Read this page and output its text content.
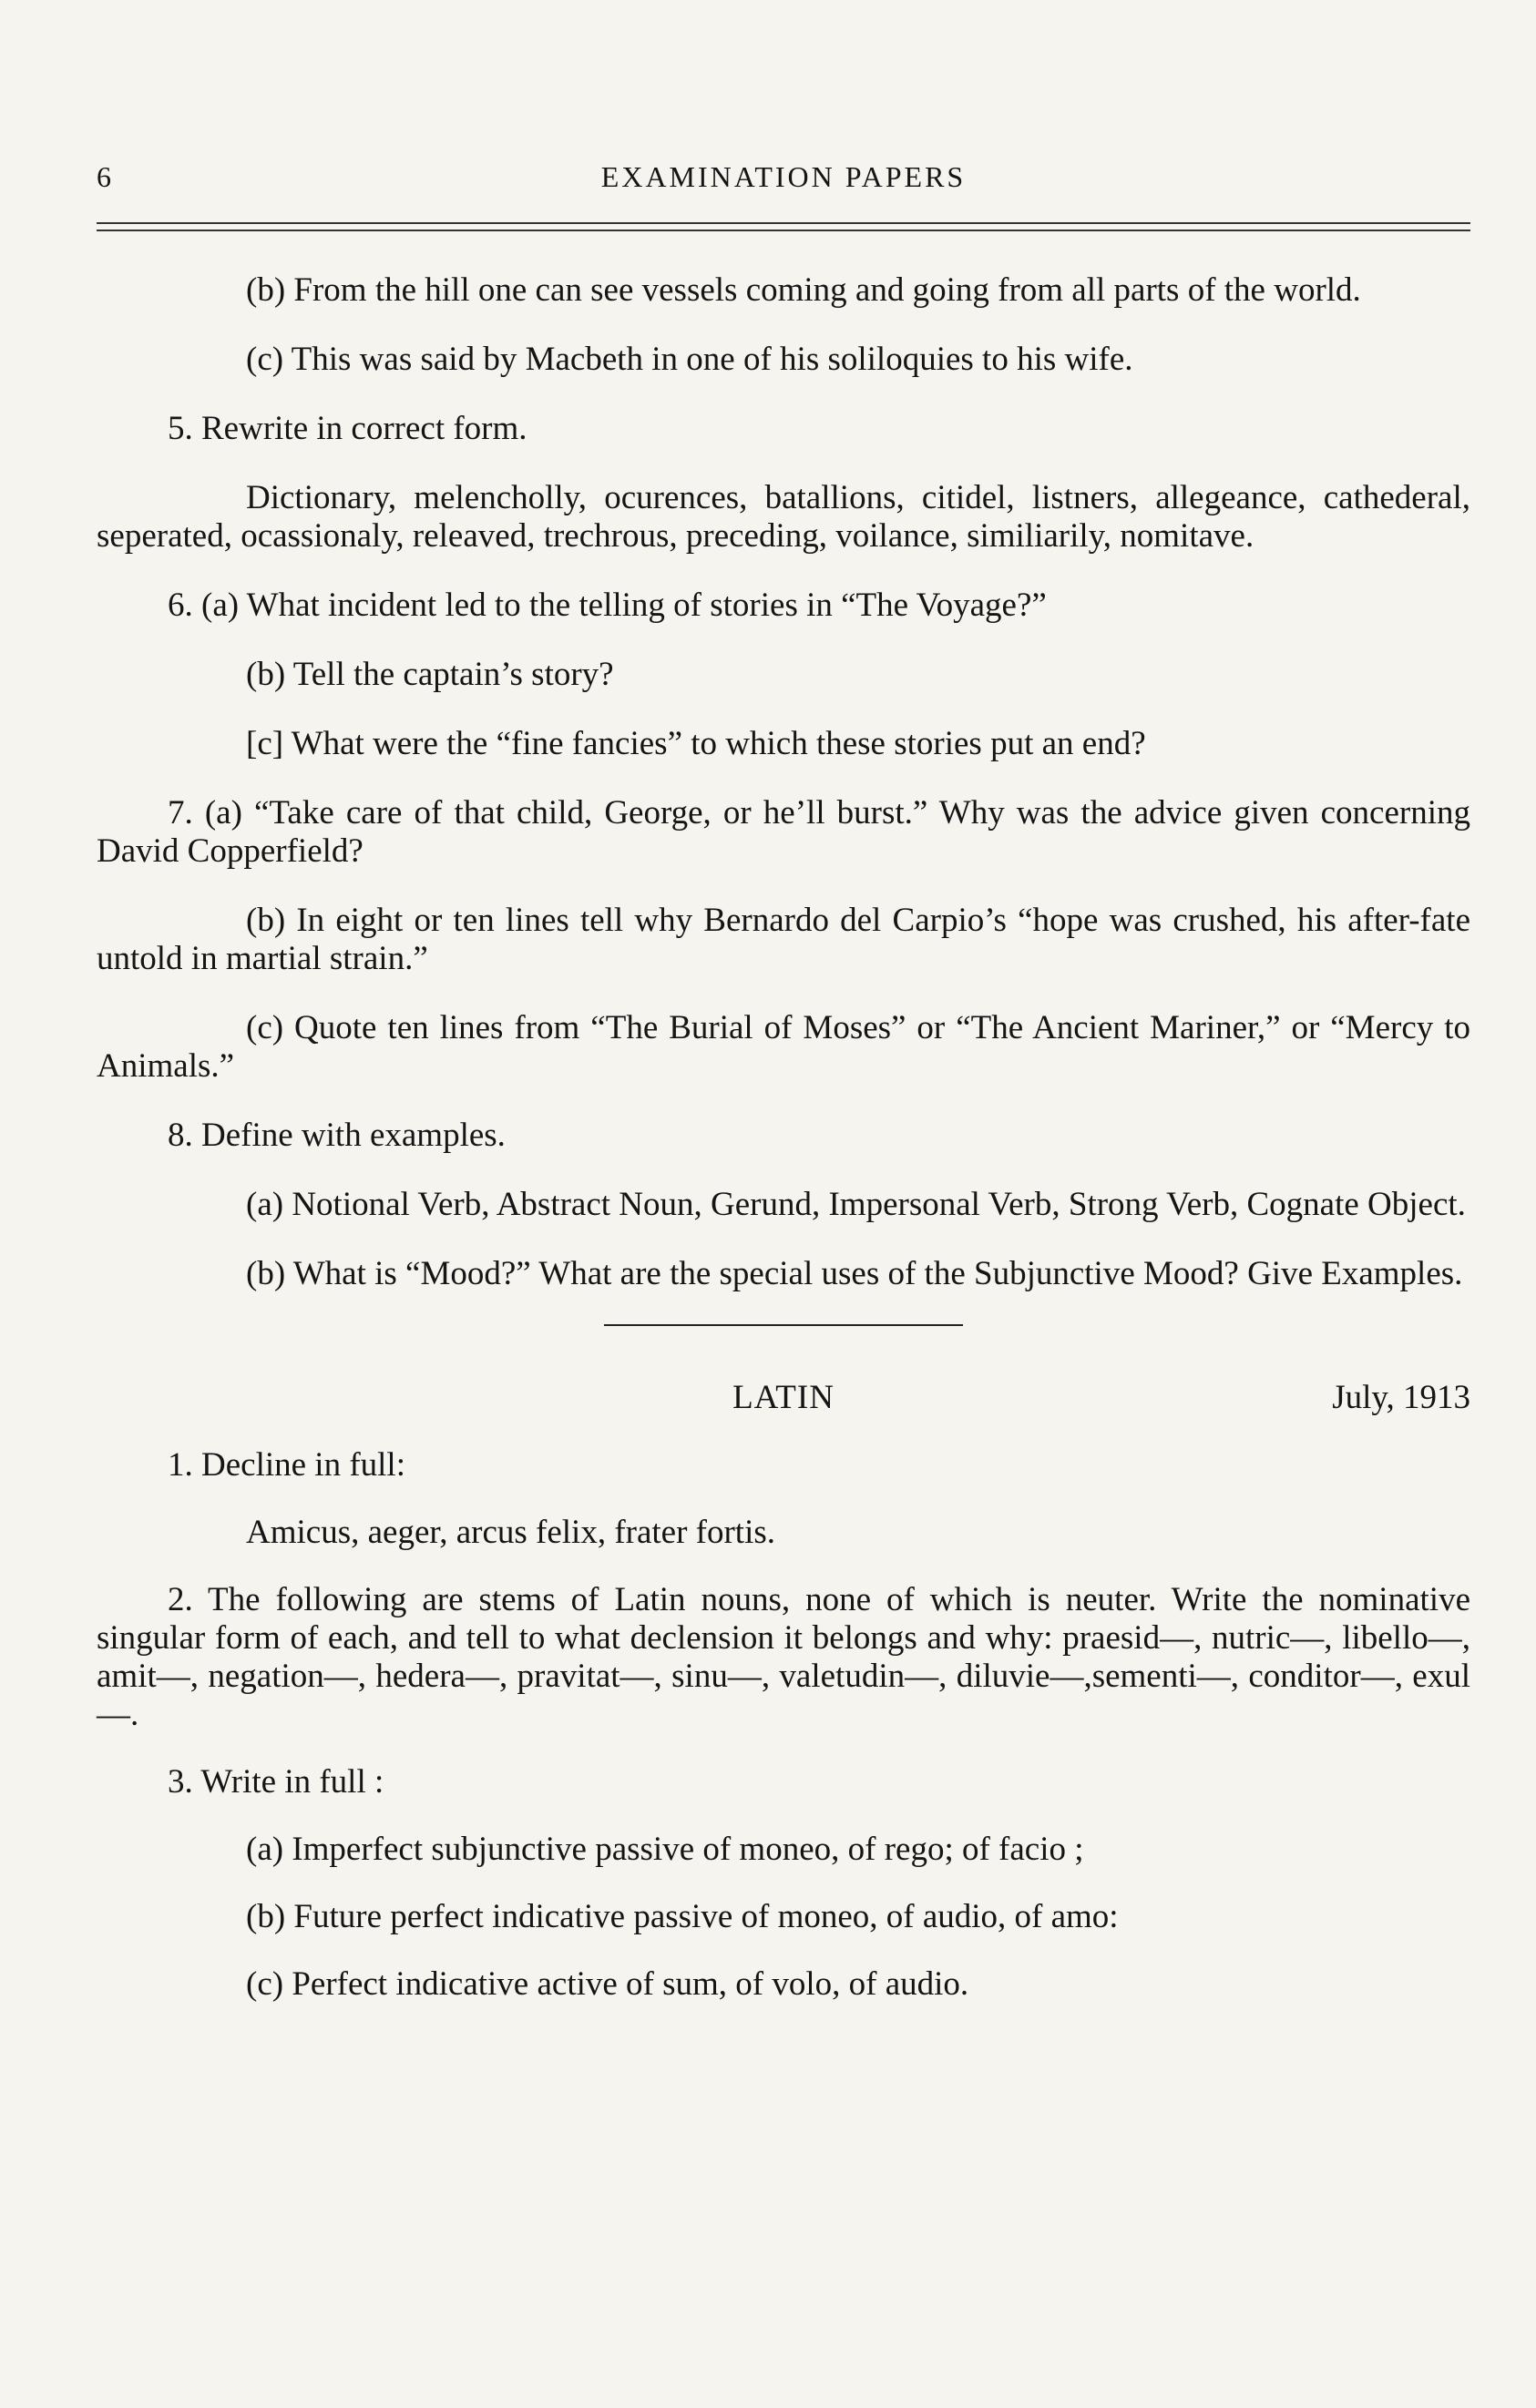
6	EXAMINATION PAPERS

(b) From the hill one can see vessels coming and going from all parts of the world.

(c) This was said by Macbeth in one of his soliloquies to his wife.

5. Rewrite in correct form.

Dictionary, melencholly, ocurences, batallions, citidel, listners, allegeance, cathederal, seperated, ocassionaly, releaved, trechrous, preceding, voilance, similiarily, nomitave.

6. (a) What incident led to the telling of stories in “The Voyage?”

(b) Tell the captain’s story?

[c] What were the “fine fancies” to which these stories put an end?

7. (a) “Take care of that child, George, or he’ll burst.” Why was the advice given concerning David Copperfield?

(b) In eight or ten lines tell why Bernardo del Carpio’s “hope was crushed, his after-fate untold in martial strain.”

(c) Quote ten lines from “The Burial of Moses” or “The Ancient Mariner,” or “Mercy to Animals.”

8. Define with examples.

(a) Notional Verb, Abstract Noun, Gerund, Impersonal Verb, Strong Verb, Cognate Object.

(b) What is “Mood?” What are the special uses of the Subjunctive Mood? Give Examples.

LATIN	July, 1913

1. Decline in full:

Amicus, aeger, arcus felix, frater fortis.

2. The following are stems of Latin nouns, none of which is neuter. Write the nominative singular form of each, and tell to what declension it belongs and why: praesid—, nutric—, libello—, amit—, negation—, hedera—, pravitat—, sinu—, valetudin—, diluvie—,sementi—, conditor—, exul—.

3. Write in full :

(a) Imperfect subjunctive passive of moneo, of rego; of facio ;

(b) Future perfect indicative passive of moneo, of audio, of amo:

(c) Perfect indicative active of sum, of volo, of audio.
